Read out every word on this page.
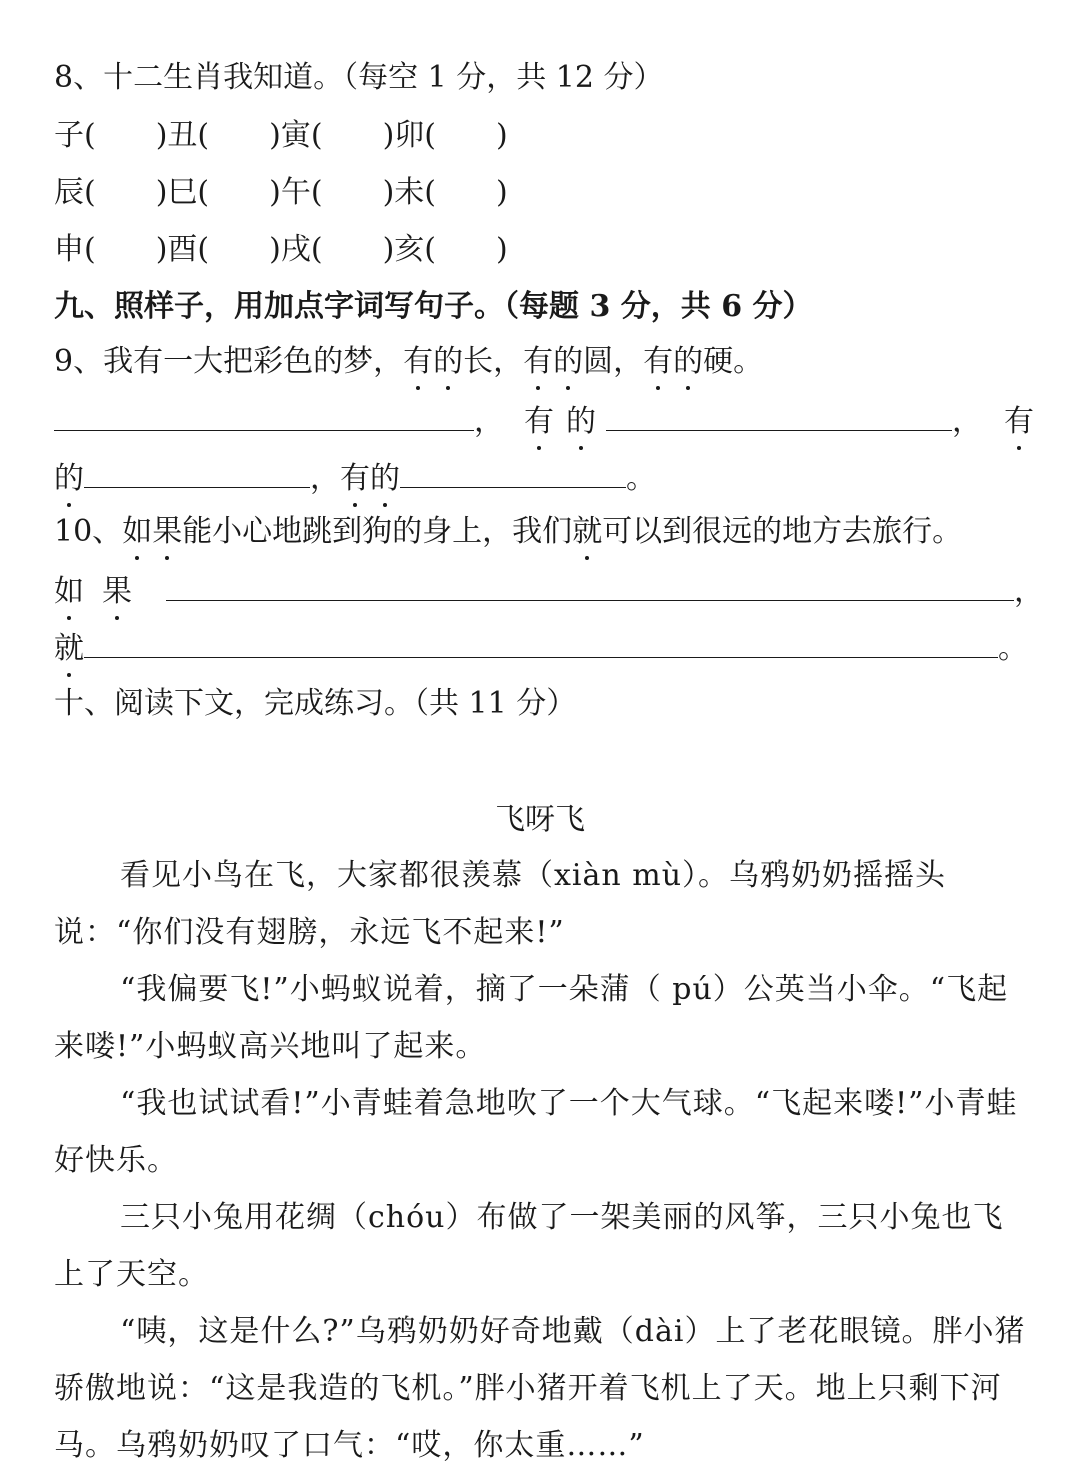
8、十二生肖我知道。（每空 1 分，共 12 分）
子( )丑( )寅( )卯( )
辰( )巳( )午( )未( )
申( )酉( )戌( )亥( )
九、照样子，用加点字词写句子。（每题 3 分，共 6 分）
9、我有一大把彩色的梦，有的长，有的圆，有的硬。
， 有 的	， 有
的	，有的	。
10、如果能小心地跳到狗的身上，我们就可以到很远的地方去旅行。
如 果	，
就	。
十、阅读下文，完成练习。（共 11 分）
飞呀飞
看见小鸟在飞，大家都很羡慕（xiàn mù）。乌鸦奶奶摇摇头说：“你们没有翅膀，永远飞不起来!”
“我偏要飞!”小蚂蚁说着，摘了一朵蒲（ pú）公英当小伞。“飞起来喽!”小蚂蚁高兴地叫了起来。
“我也试试看!”小青蛙着急地吹了一个大气球。“飞起来喽!”小青蛙好快乐。
三只小兔用花绸（chóu）布做了一架美丽的风筝，三只小兔也飞上了天空。
“咦，这是什么?”乌鸦奶奶好奇地戴（dài）上了老花眼镜。胖小猪骄傲地说：“这是我造的飞机。”胖小猪开着飞机上了天。地上只剩下河马。乌鸦奶奶叹了口气：“哎，你太重……”
